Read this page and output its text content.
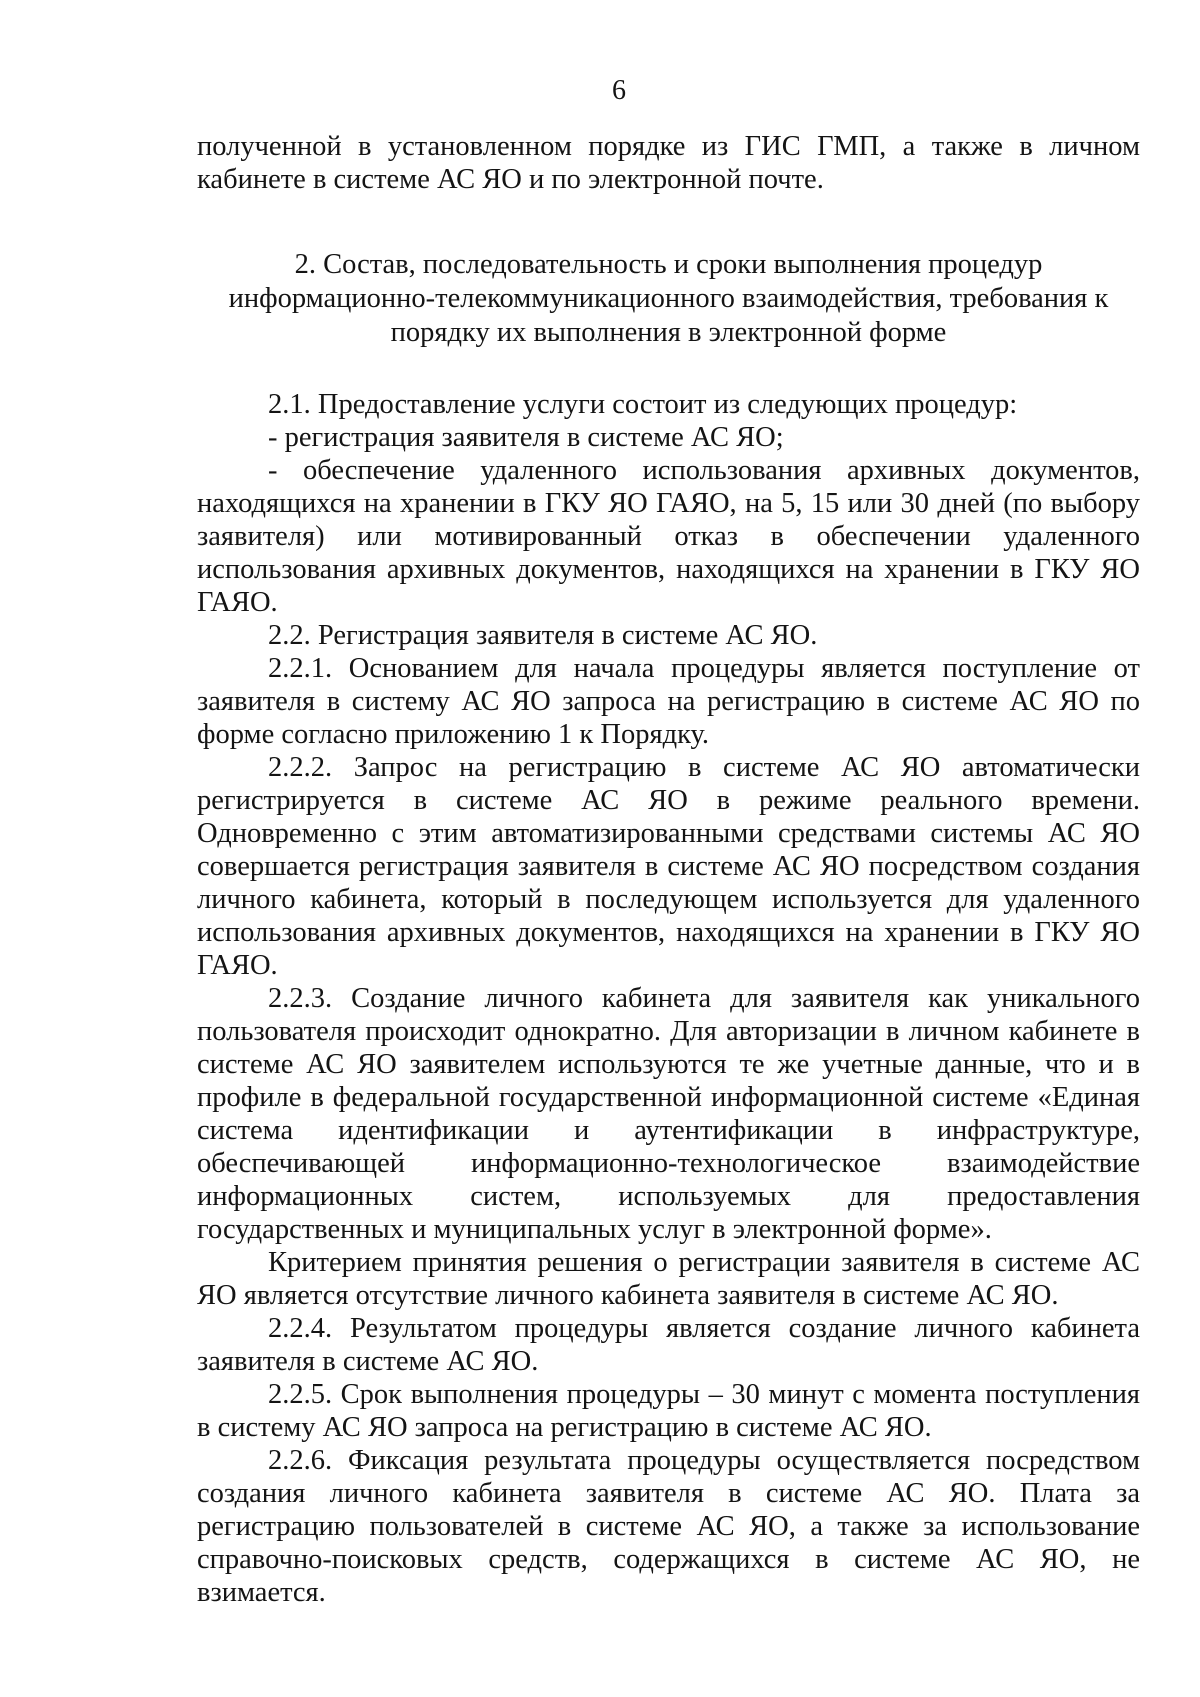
6

полученной в установленном порядке из ГИС ГМП, а также в личном кабинете в системе АС ЯО и по электронной почте.

2. Состав, последовательность и сроки выполнения процедур информационно-телекоммуникационного взаимодействия, требования к порядку их выполнения в электронной форме

2.1. Предоставление услуги состоит из следующих процедур:

- регистрация заявителя в системе АС ЯО;

- обеспечение удаленного использования архивных документов, находящихся на хранении в ГКУ ЯО ГАЯО, на 5, 15 или 30 дней (по выбору заявителя) или мотивированный отказ в обеспечении удаленного использования архивных документов, находящихся на хранении в ГКУ ЯО ГАЯО.

2.2. Регистрация заявителя в системе АС ЯО.

2.2.1. Основанием для начала процедуры является поступление от заявителя в систему АС ЯО запроса на регистрацию в системе АС ЯО по форме согласно приложению 1 к Порядку.

2.2.2. Запрос на регистрацию в системе АС ЯО автоматически регистрируется в системе АС ЯО в режиме реального времени. Одновременно с этим автоматизированными средствами системы АС ЯО совершается регистрация заявителя в системе АС ЯО посредством создания личного кабинета, который в последующем используется для удаленного использования архивных документов, находящихся на хранении в ГКУ ЯО ГАЯО.

2.2.3. Создание личного кабинета для заявителя как уникального пользователя происходит однократно. Для авторизации в личном кабинете в системе АС ЯО заявителем используются те же учетные данные, что и в профиле в федеральной государственной информационной системе «Единая система идентификации и аутентификации в инфраструктуре, обеспечивающей информационно-технологическое взаимодействие информационных систем, используемых для предоставления государственных и муниципальных услуг в электронной форме».

Критерием принятия решения о регистрации заявителя в системе АС ЯО является отсутствие личного кабинета заявителя в системе АС ЯО.

2.2.4. Результатом процедуры является создание личного кабинета заявителя в системе АС ЯО.

2.2.5. Срок выполнения процедуры – 30 минут с момента поступления в систему АС ЯО запроса на регистрацию в системе АС ЯО.

2.2.6. Фиксация результата процедуры осуществляется посредством создания личного кабинета заявителя в системе АС ЯО. Плата за регистрацию пользователей в системе АС ЯО, а также за использование справочно-поисковых средств, содержащихся в системе АС ЯО, не взимается.
